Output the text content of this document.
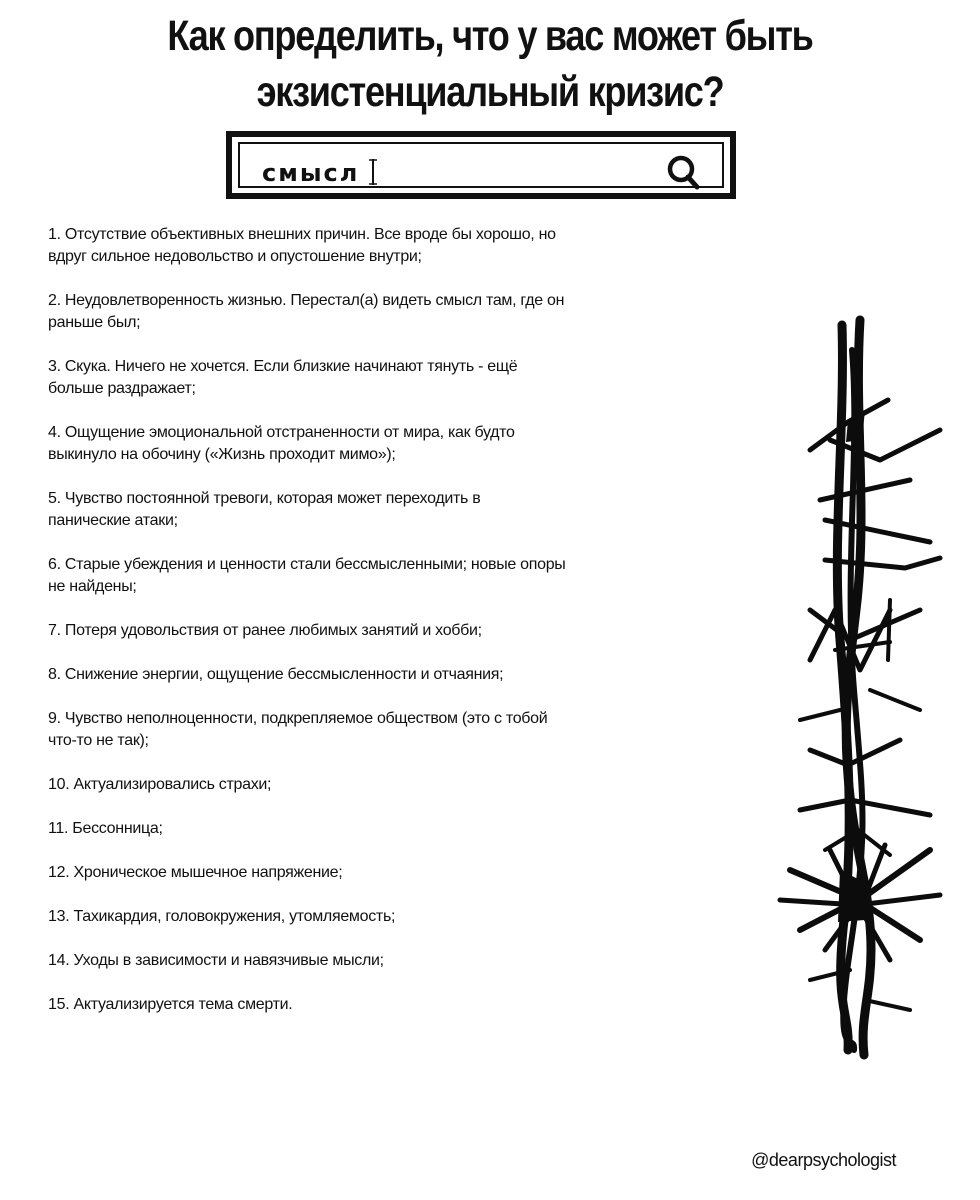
Как определить, что у вас может быть
экзистенциальный кризис?
смысл
1. Отсутствие объективных внешних причин. Все вроде бы хорошо, но
вдруг сильное недовольство и опустошение внутри;
2. Неудовлетворенность жизнью. Перестал(а) видеть смысл там, где он
раньше был;
3. Скука. Ничего не хочется. Если близкие начинают тянуть - ещё
больше раздражает;
4. Ощущение эмоциональной отстраненности от мира, как будто
выкинуло на обочину («Жизнь проходит мимо»);
5. Чувство постоянной тревоги, которая может переходить в
панические атаки;
6. Старые убеждения и ценности стали бессмысленными; новые опоры
не найдены;
7. Потеря удовольствия от ранее любимых занятий и хобби;
8. Снижение энергии, ощущение бессмысленности и отчаяния;
9. Чувство неполноценности, подкрепляемое обществом (это с тобой
что-то не так);
10. Актуализировались страхи;
11. Бессонница;
12. Хроническое мышечное напряжение;
13. Тахикардия, головокружения, утомляемость;
14. Уходы в зависимости и навязчивые мысли;
15. Актуализируется тема смерти.
@dearpsychologist
